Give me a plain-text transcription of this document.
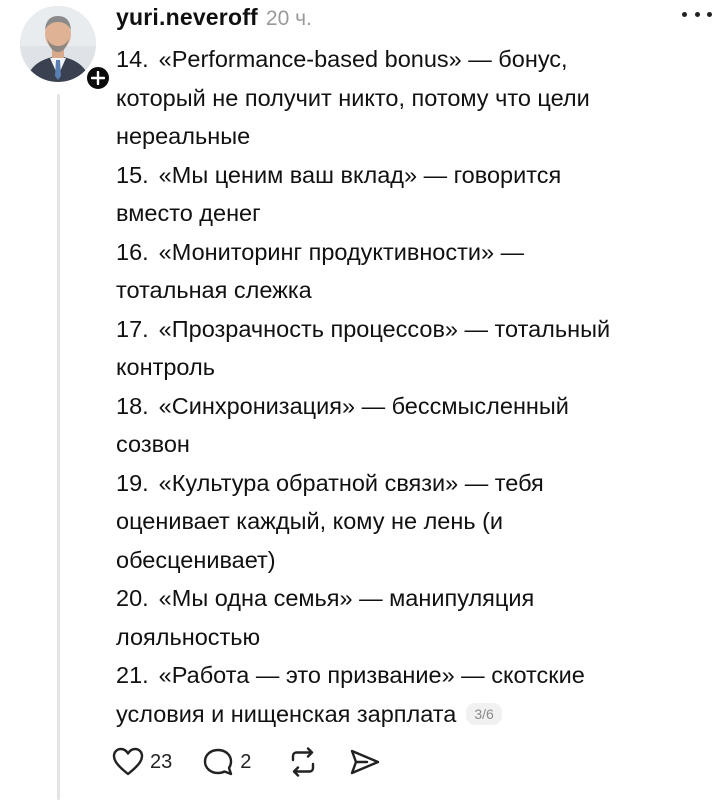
yuri.neveroff 20 ч.
14. «Performance-based bonus» — бонус,
который не получит никто, потому что цели
нереальные
15. «Мы ценим ваш вклад» — говорится
вместо денег
16. «Мониторинг продуктивности» —
тотальная слежка
17. «Прозрачность процессов» — тотальный
контроль
18. «Синхронизация» — бессмысленный
созвон
19. «Культура обратной связи» — тебя
оценивает каждый, кому не лень (и
обесценивает)
20. «Мы одна семья» — манипуляция
лояльностью
21. «Работа — это призвание» — скотские
условия и нищенская зарплата 3/6
23	2
